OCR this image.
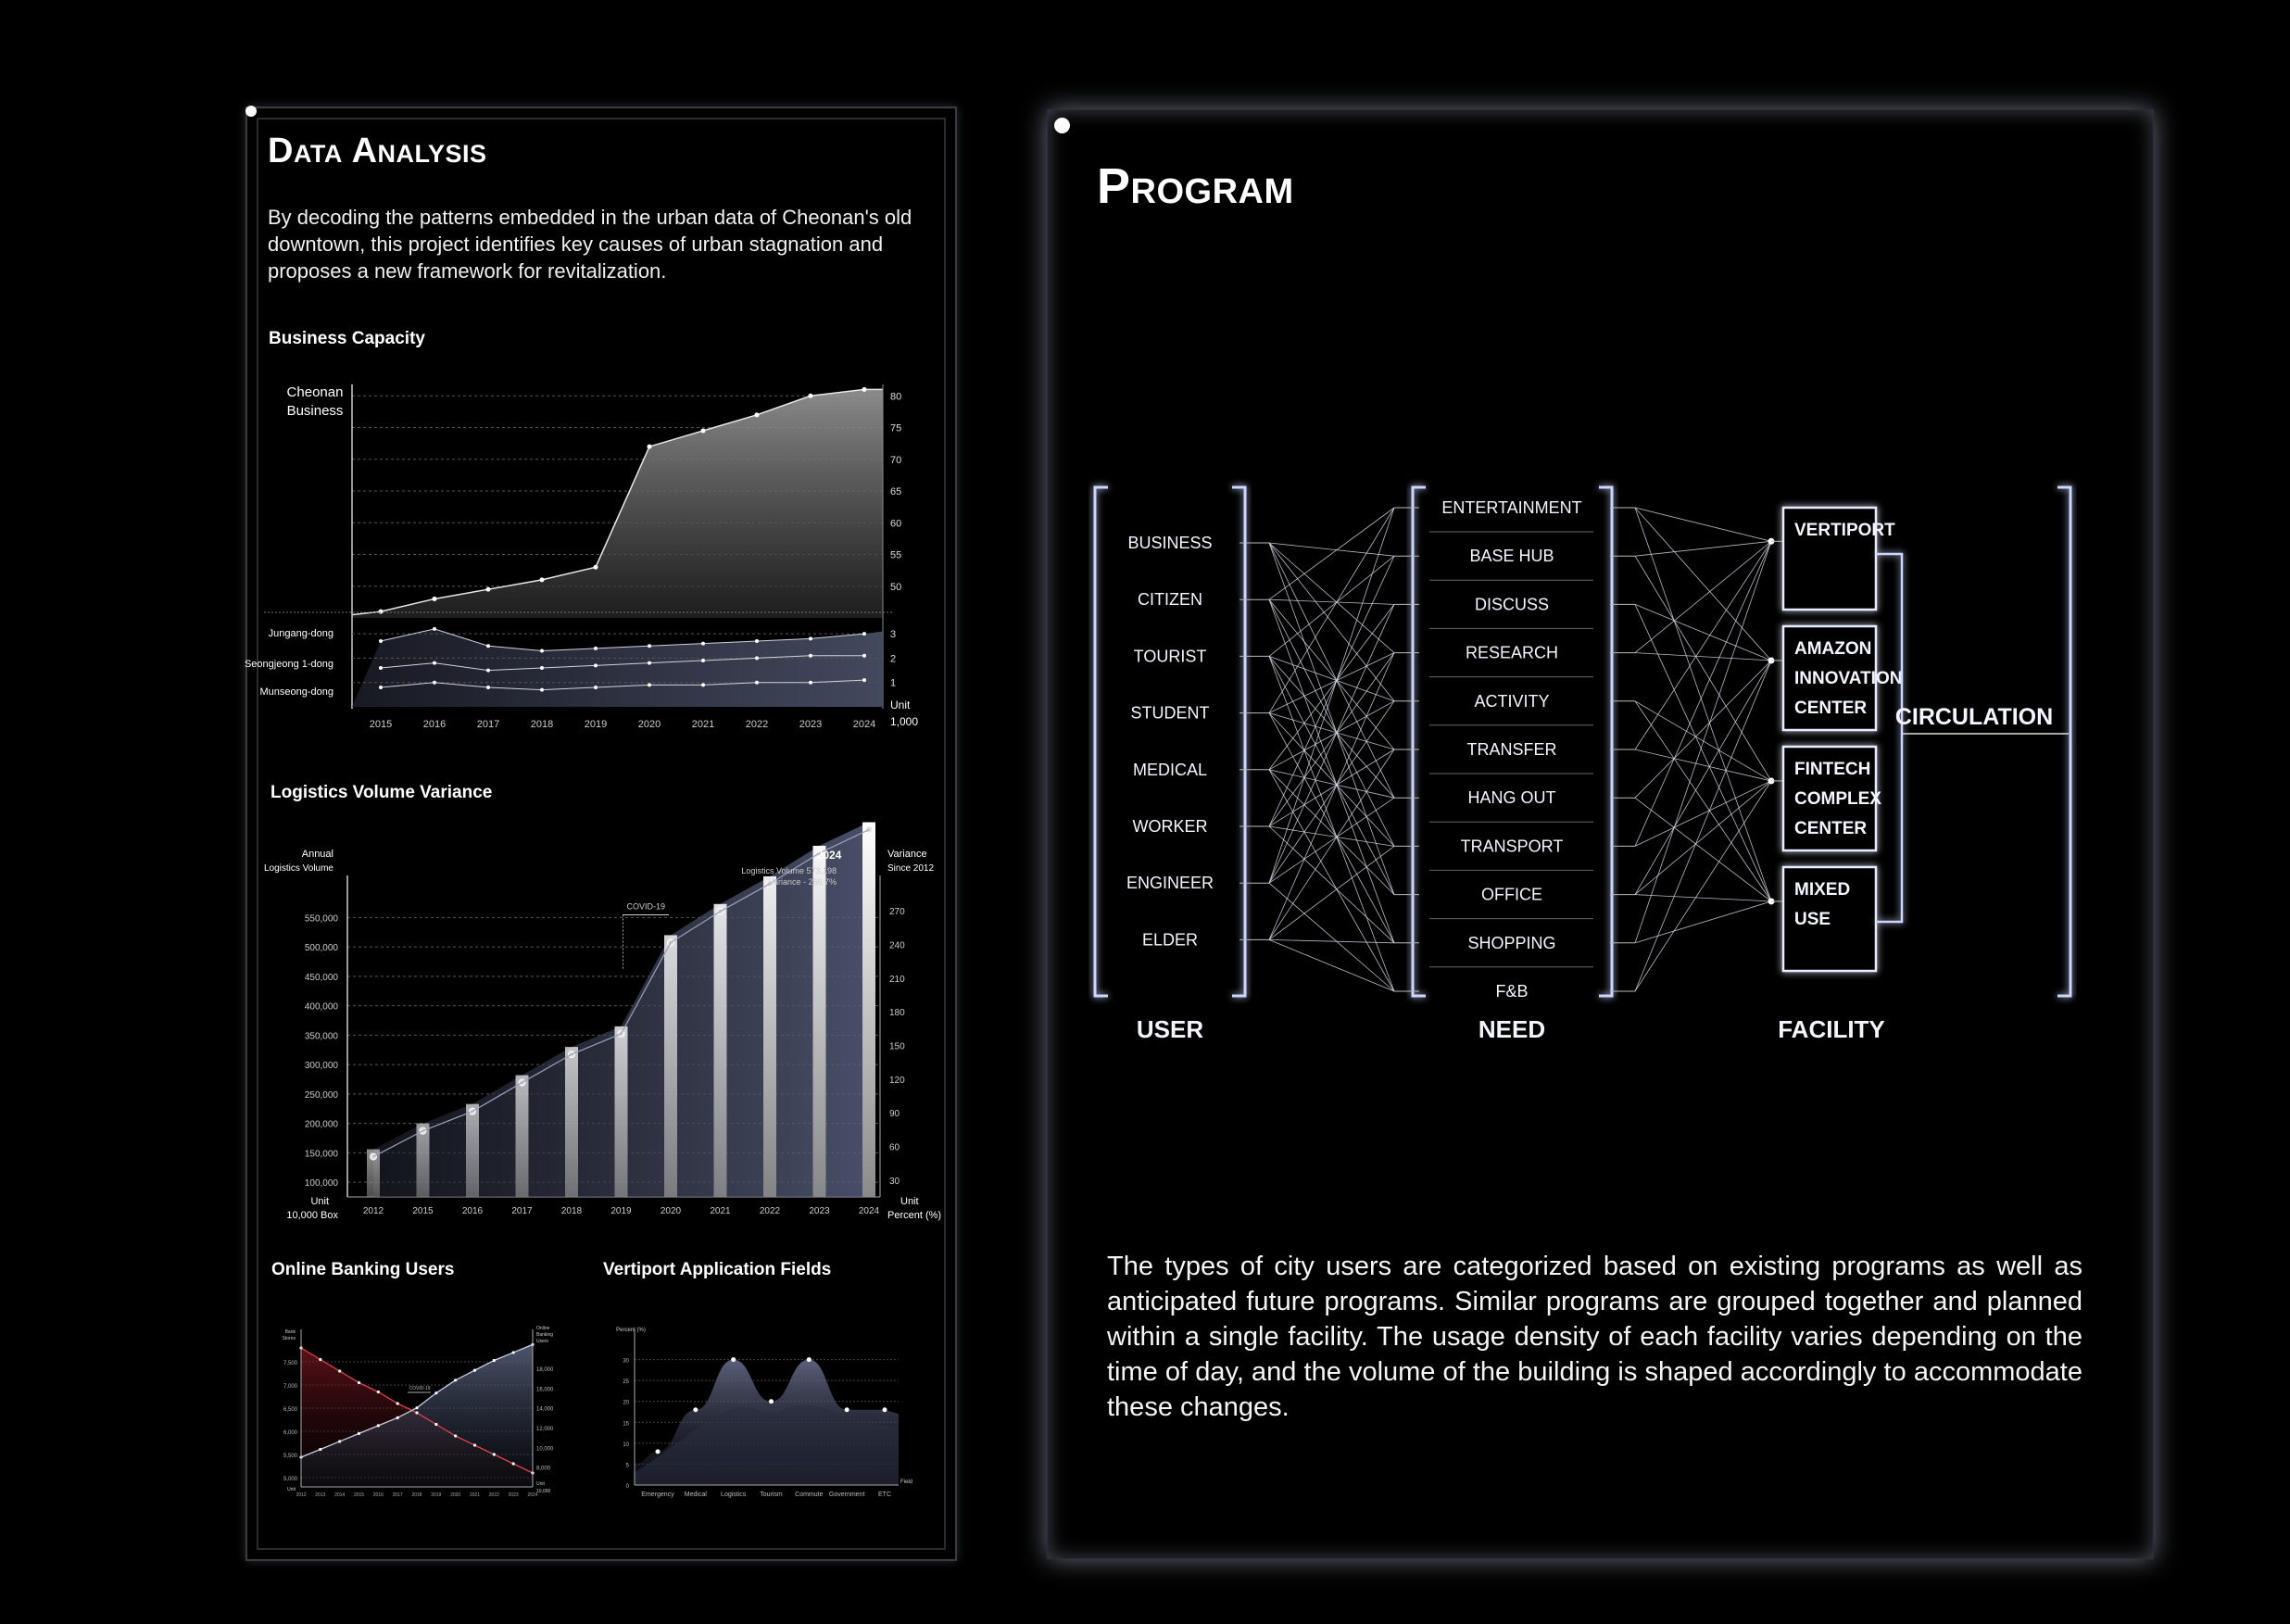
Data Analysis
By decoding the patterns embedded in the urban data of Cheonan's old downtown, this project identifies key causes of urban stagnation and proposes a new framework for revitalization.
Business Capacity
50
55
60
65
70
75
80
Cheonan
Business
1
2
3
Jungang-dong
Seongjeong 1-dong
Munseong-dong
2015	2016	2017	2018	2019	2020	2021	2022	2023	2024
Unit
1,000
Logistics Volume Variance
100,000
150,000
200,000
250,000
300,000
350,000
400,000
450,000
500,000
550,000
30
60
90
120
150
180
210
240
270
2012	2015	2016	2017	2018	2019	2020	2021	2022	2023	2024
COVID-19
2024
Logistics Volume 573,198
Variance - 266.7%
Annual
Logistics Volume
Variance
Since 2012
Unit
10,000 Box
Unit
Percent (%)
Online Banking Users
5,000
5,500
6,000
6,500
7,000
7,500
8,000
10,000
12,000
14,000
16,000
18,000
COVID-19
2012 2013 2014 2015 2016 2017 2018 2019 2020 2021 2022 2023 2024
Bank
Stores
Online
Banking
Users
Unit
Unit
10,000
Vertiport Application Fields
0
5
10
15
20
25
30
Emergency Medical Logistics Tourism Commute Government ETC
Percent (%)
Field
Program
BUSINESS
CITIZEN
TOURIST
STUDENT
MEDICAL
WORKER
ENGINEER
ELDER
ENTERTAINMENT
BASE HUB
DISCUSS
RESEARCH
ACTIVITY
TRANSFER
HANG OUT
TRANSPORT
OFFICE
SHOPPING
F&B
VERTIPORT
AMAZON
INNOVATION
CENTER
FINTECH
COMPLEX
CENTER
MIXED
USE
CIRCULATION
USER	NEED	FACILITY
The types of city users are categorized based on existing programs as well as anticipated future programs. Similar programs are grouped together and planned within a single facility. The usage density of each facility varies depending on the time of day, and the volume of the building is shaped accordingly to accommodate these changes.
